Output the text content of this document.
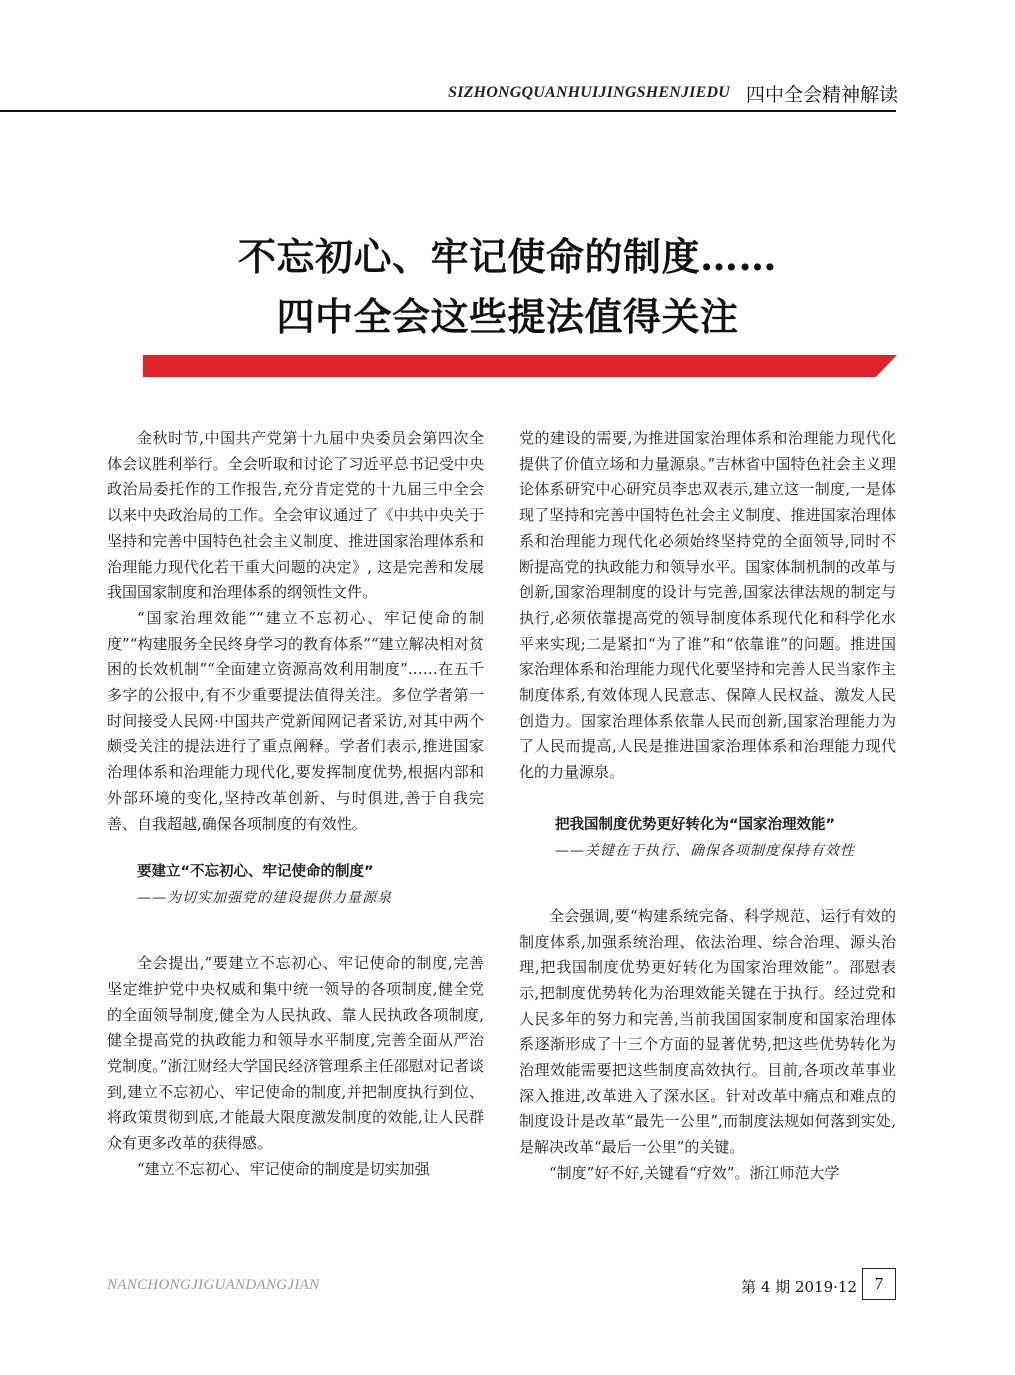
SIZHONGQUANHUIJINGSHENJIEDU 四中全会精神解读
不忘初心、牢记使命的制度……
四中全会这些提法值得关注

金秋时节,中国共产党第十九届中央委员会第四次全体会议胜利举行。全会听取和讨论了习近平总书记受中央政治局委托作的工作报告,充分肯定党的十九届三中全会以来中央政治局的工作。全会审议通过了《中共中央关于坚持和完善中国特色社会主义制度、推进国家治理体系和治理能力现代化若干重大问题的决定》, 这是完善和发展我国国家制度和治理体系的纲领性文件。

“国家治理效能”“建立不忘初心、牢记使命的制度”“构建服务全民终身学习的教育体系”“建立解决相对贫困的长效机制”“全面建立资源高效利用制度”……在五千多字的公报中,有不少重要提法值得关注。多位学者第一时间接受人民网·中国共产党新闻网记者采访,对其中两个颇受关注的提法进行了重点阐释。学者们表示,推进国家治理体系和治理能力现代化,要发挥制度优势,根据内部和外部环境的变化,坚持改革创新、与时俱进,善于自我完善、自我超越,确保各项制度的有效性。

要建立“不忘初心、牢记使命的制度”
——为切实加强党的建设提供力量源泉

全会提出,“要建立不忘初心、牢记使命的制度,完善坚定维护党中央权威和集中统一领导的各项制度,健全党的全面领导制度,健全为人民执政、靠人民执政各项制度,健全提高党的执政能力和领导水平制度,完善全面从严治党制度。”浙江财经大学国民经济管理系主任邵慰对记者谈到,建立不忘初心、牢记使命的制度,并把制度执行到位、将政策贯彻到底,才能最大限度激发制度的效能,让人民群众有更多改革的获得感。

“建立不忘初心、牢记使命的制度是切实加强

党的建设的需要,为推进国家治理体系和治理能力现代化提供了价值立场和力量源泉。”吉林省中国特色社会主义理论体系研究中心研究员李忠双表示,建立这一制度,一是体现了坚持和完善中国特色社会主义制度、推进国家治理体系和治理能力现代化必须始终坚持党的全面领导,同时不断提高党的执政能力和领导水平。国家体制机制的改革与创新,国家治理制度的设计与完善,国家法律法规的制定与执行,必须依靠提高党的领导制度体系现代化和科学化水平来实现;二是紧扣“为了谁”和“依靠谁”的问题。推进国家治理体系和治理能力现代化要坚持和完善人民当家作主制度体系,有效体现人民意志、保障人民权益、激发人民创造力。国家治理体系依靠人民而创新,国家治理能力为了人民而提高,人民是推进国家治理体系和治理能力现代化的力量源泉。

把我国制度优势更好转化为“国家治理效能”
——关键在于执行、确保各项制度保持有效性

全会强调,要“构建系统完备、科学规范、运行有效的制度体系,加强系统治理、依法治理、综合治理、源头治理,把我国制度优势更好转化为国家治理效能”。邵慰表示,把制度优势转化为治理效能关键在于执行。经过党和人民多年的努力和完善,当前我国国家制度和国家治理体系逐渐形成了十三个方面的显著优势,把这些优势转化为治理效能需要把这些制度高效执行。目前,各项改革事业深入推进,改革进入了深水区。针对改革中痛点和难点的制度设计是改革“最先一公里”,而制度法规如何落到实处,是解决改革“最后一公里”的关键。

“制度”好不好,关键看“疗效”。浙江师范大学

NANCHONGJIGUANDANGJIAN	第 4 期 2019·12	7
